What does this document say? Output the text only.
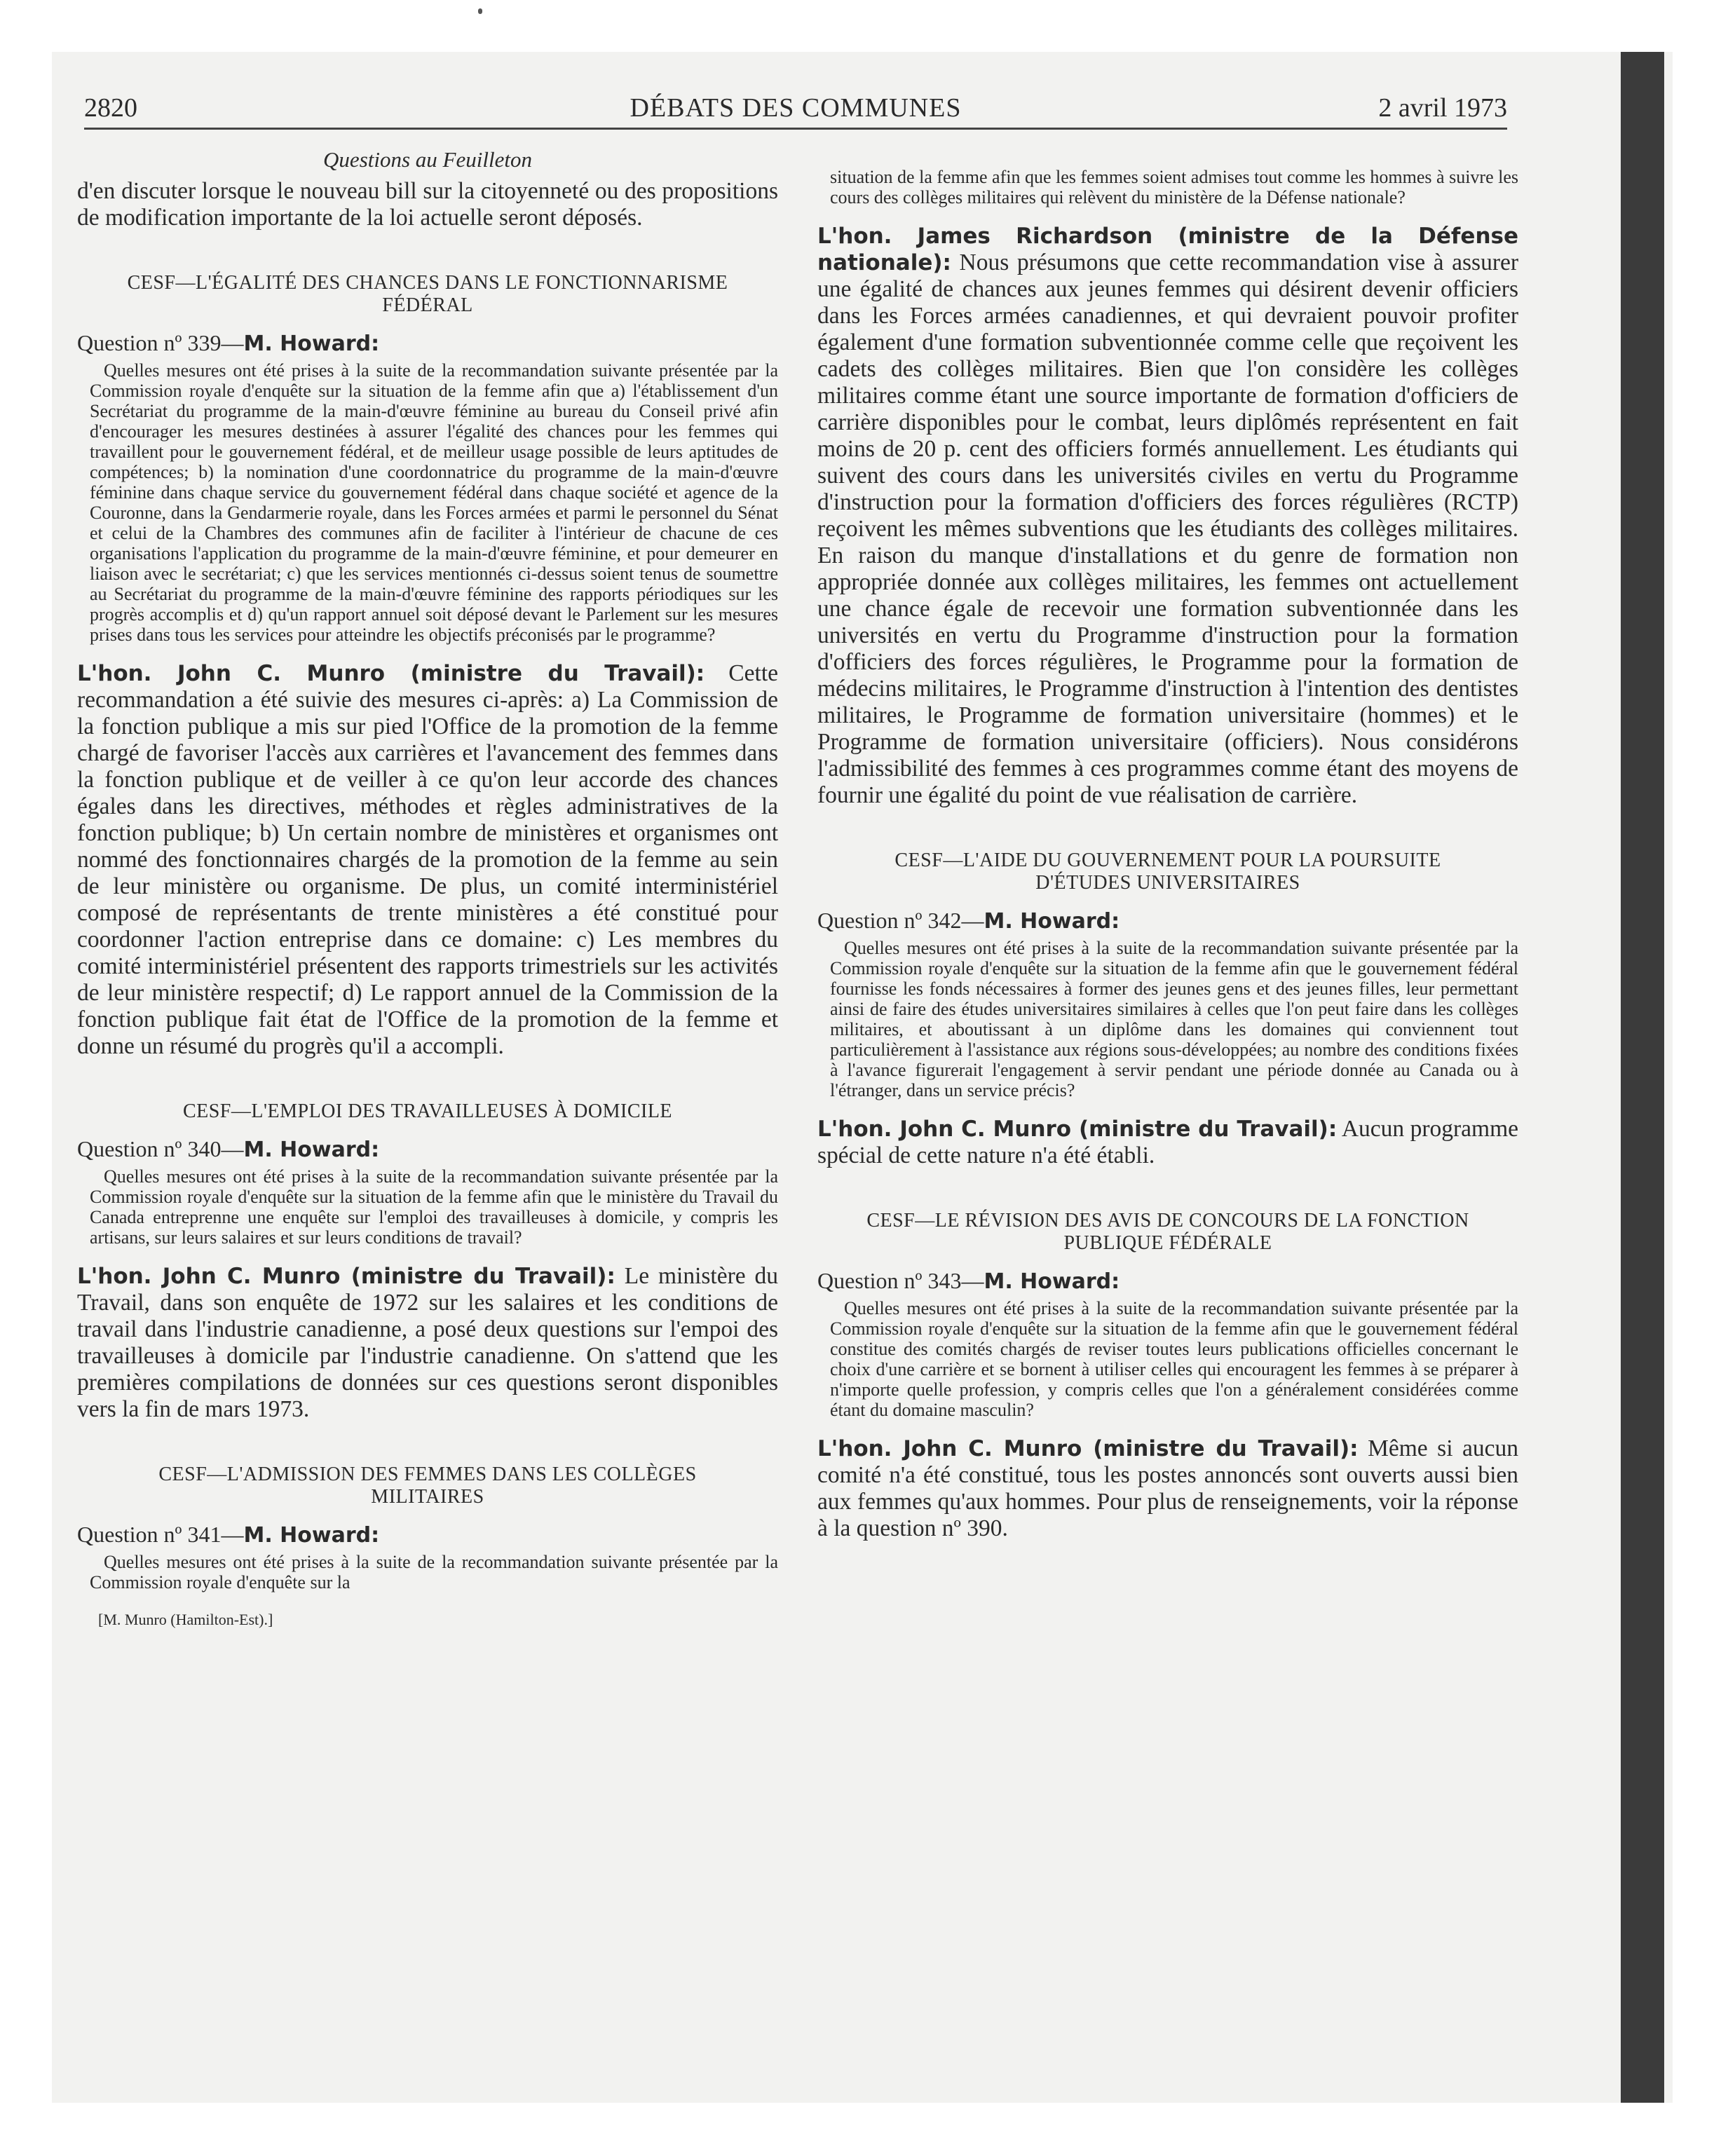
2820	DÉBATS DES COMMUNES	2 avril 1973
Questions au Feuilleton

d'en discuter lorsque le nouveau bill sur la citoyenneté ou des propositions de modification importante de la loi actuelle seront déposés.

CESF—L'ÉGALITÉ DES CHANCES DANS LE FONCTIONNARISME FÉDÉRAL
Question nº 339—M. Howard:

Quelles mesures ont été prises à la suite de la recommandation suivante présentée par la Commission royale d'enquête sur la situation de la femme afin que a) l'établissement d'un Secrétariat du programme de la main-d'œuvre féminine au bureau du Conseil privé afin d'encourager les mesures destinées à assurer l'égalité des chances pour les femmes qui travaillent pour le gouvernement fédéral, et de meilleur usage possible de leurs aptitudes de compétences; b) la nomination d'une coordonnatrice du programme de la main-d'œuvre féminine dans chaque service du gouvernement fédéral dans chaque société et agence de la Couronne, dans la Gendarmerie royale, dans les Forces armées et parmi le personnel du Sénat et celui de la Chambres des communes afin de faciliter à l'intérieur de chacune de ces organisations l'application du programme de la main-d'œuvre féminine, et pour demeurer en liaison avec le secrétariat; c) que les services mentionnés ci-dessus soient tenus de soumettre au Secrétariat du programme de la main-d'œuvre féminine des rapports périodiques sur les progrès accomplis et d) qu'un rapport annuel soit déposé devant le Parlement sur les mesures prises dans tous les services pour atteindre les objectifs préconisés par le programme?

L'hon. John C. Munro (ministre du Travail): Cette recommandation a été suivie des mesures ci-après: a) La Commission de la fonction publique a mis sur pied l'Office de la promotion de la femme chargé de favoriser l'accès aux carrières et l'avancement des femmes dans la fonction publique et de veiller à ce qu'on leur accorde des chances égales dans les directives, méthodes et règles administratives de la fonction publique; b) Un certain nombre de ministères et organismes ont nommé des fonctionnaires chargés de la promotion de la femme au sein de leur ministère ou organisme. De plus, un comité interministériel composé de représentants de trente ministères a été constitué pour coordonner l'action entreprise dans ce domaine: c) Les membres du comité interministériel présentent des rapports trimestriels sur les activités de leur ministère respectif; d) Le rapport annuel de la Commission de la fonction publique fait état de l'Office de la promotion de la femme et donne un résumé du progrès qu'il a accompli.

CESF—L'EMPLOI DES TRAVAILLEUSES À DOMICILE
Question nº 340—M. Howard:

Quelles mesures ont été prises à la suite de la recommandation suivante présentée par la Commission royale d'enquête sur la situation de la femme afin que le ministère du Travail du Canada entreprenne une enquête sur l'emploi des travailleuses à domicile, y compris les artisans, sur leurs salaires et sur leurs conditions de travail?

L'hon. John C. Munro (ministre du Travail): Le ministère du Travail, dans son enquête de 1972 sur les salaires et les conditions de travail dans l'industrie canadienne, a posé deux questions sur l'empoi des travailleuses à domicile par l'industrie canadienne. On s'attend que les premières compilations de données sur ces questions seront disponibles vers la fin de mars 1973.

CESF—L'ADMISSION DES FEMMES DANS LES COLLÈGES MILITAIRES
Question nº 341—M. Howard:

Quelles mesures ont été prises à la suite de la recommandation suivante présentée par la Commission royale d'enquête sur la

[M. Munro (Hamilton-Est).]

situation de la femme afin que les femmes soient admises tout comme les hommes à suivre les cours des collèges militaires qui relèvent du ministère de la Défense nationale?

L'hon. James Richardson (ministre de la Défense nationale): Nous présumons que cette recommandation vise à assurer une égalité de chances aux jeunes femmes qui désirent devenir officiers dans les Forces armées canadiennes, et qui devraient pouvoir profiter également d'une formation subventionnée comme celle que reçoivent les cadets des collèges militaires. Bien que l'on considère les collèges militaires comme étant une source importante de formation d'officiers de carrière disponibles pour le combat, leurs diplômés représentent en fait moins de 20 p. cent des officiers formés annuellement. Les étudiants qui suivent des cours dans les universités civiles en vertu du Programme d'instruction pour la formation d'officiers des forces régulières (RCTP) reçoivent les mêmes subventions que les étudiants des collèges militaires. En raison du manque d'installations et du genre de formation non appropriée donnée aux collèges militaires, les femmes ont actuellement une chance égale de recevoir une formation subventionnée dans les universités en vertu du Programme d'instruction pour la formation d'officiers des forces régulières, le Programme pour la formation de médecins militaires, le Programme d'instruction à l'intention des dentistes militaires, le Programme de formation universitaire (hommes) et le Programme de formation universitaire (officiers). Nous considérons l'admissibilité des femmes à ces programmes comme étant des moyens de fournir une égalité du point de vue réalisation de carrière.

CESF—L'AIDE DU GOUVERNEMENT POUR LA POURSUITE D'ÉTUDES UNIVERSITAIRES
Question nº 342—M. Howard:

Quelles mesures ont été prises à la suite de la recommandation suivante présentée par la Commission royale d'enquête sur la situation de la femme afin que le gouvernement fédéral fournisse les fonds nécessaires à former des jeunes gens et des jeunes filles, leur permettant ainsi de faire des études universitaires similaires à celles que l'on peut faire dans les collèges militaires, et aboutissant à un diplôme dans les domaines qui conviennent tout particulièrement à l'assistance aux régions sous-développées; au nombre des conditions fixées à l'avance figurerait l'engagement à servir pendant une période donnée au Canada ou à l'étranger, dans un service précis?

L'hon. John C. Munro (ministre du Travail): Aucun programme spécial de cette nature n'a été établi.

CESF—LE RÉVISION DES AVIS DE CONCOURS DE LA FONCTION PUBLIQUE FÉDÉRALE
Question nº 343—M. Howard:

Quelles mesures ont été prises à la suite de la recommandation suivante présentée par la Commission royale d'enquête sur la situation de la femme afin que le gouvernement fédéral constitue des comités chargés de reviser toutes leurs publications officielles concernant le choix d'une carrière et se bornent à utiliser celles qui encouragent les femmes à se préparer à n'importe quelle profession, y compris celles que l'on a généralement considérées comme étant du domaine masculin?

L'hon. John C. Munro (ministre du Travail): Même si aucun comité n'a été constitué, tous les postes annoncés sont ouverts aussi bien aux femmes qu'aux hommes. Pour plus de renseignements, voir la réponse à la question nº 390.
